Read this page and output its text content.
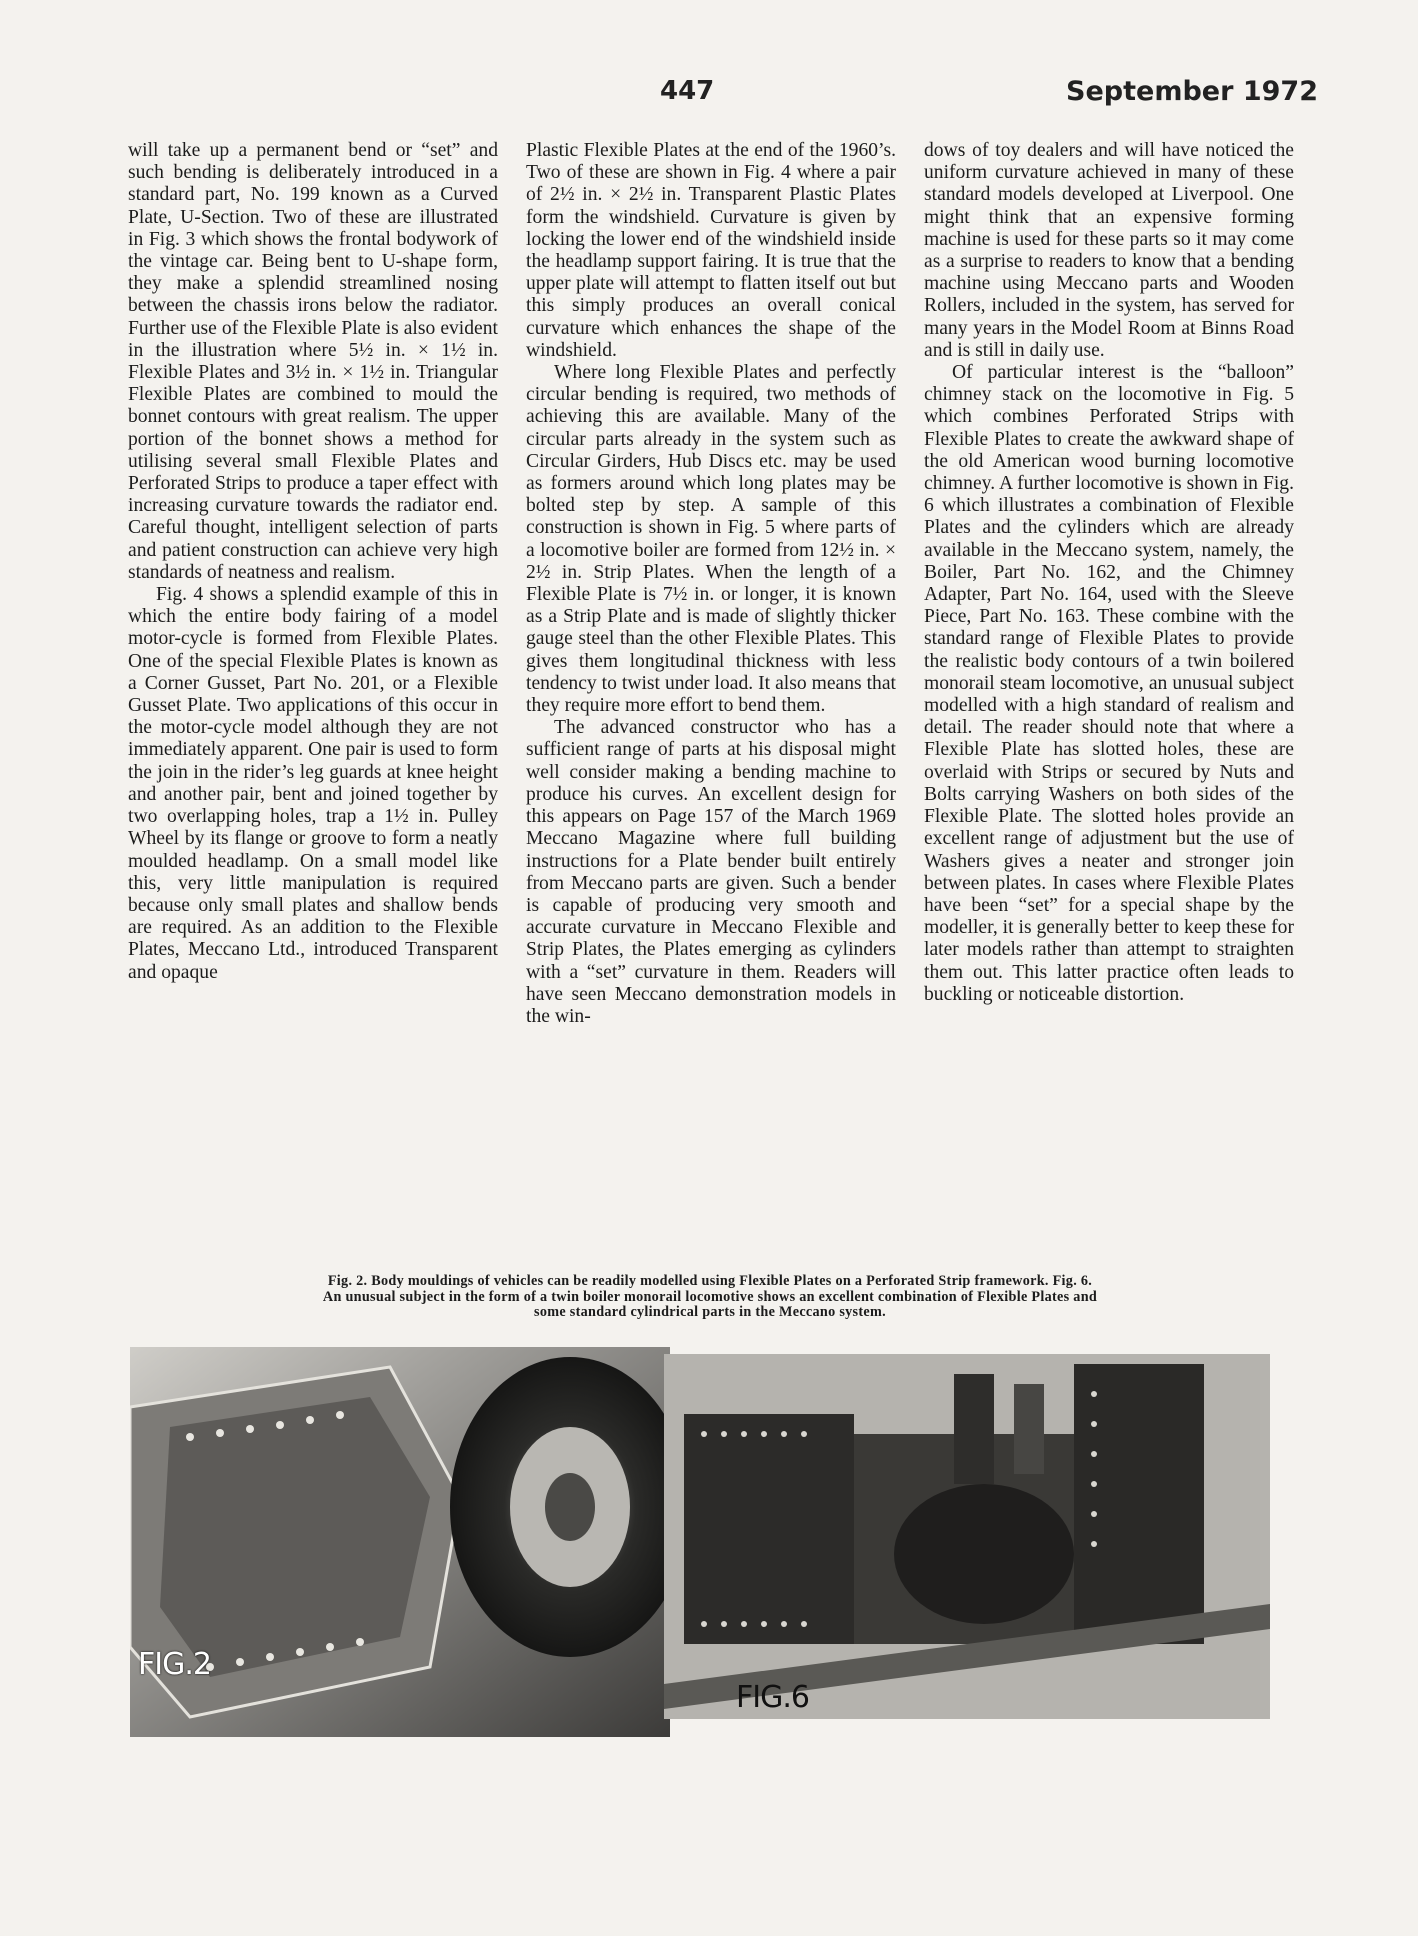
447	September 1972

will take up a permanent bend or “set” and such bending is deliberately introduced in a standard part, No. 199 known as a Curved Plate, U-Section. Two of these are illustrated in Fig. 3 which shows the frontal bodywork of the vintage car. Being bent to U-shape form, they make a splendid streamlined nosing between the chassis irons below the radiator. Further use of the Flexible Plate is also evident in the illustration where 5½ in. × 1½ in. Flexible Plates and 3½ in. × 1½ in. Triangular Flexible Plates are combined to mould the bonnet contours with great realism. The upper portion of the bonnet shows a method for utilising several small Flexible Plates and Perforated Strips to produce a taper effect with increasing curvature towards the radiator end. Careful thought, intelligent selection of parts and patient construction can achieve very high standards of neatness and realism.

Fig. 4 shows a splendid example of this in which the entire body fairing of a model motor-cycle is formed from Flexible Plates. One of the special Flexible Plates is known as a Corner Gusset, Part No. 201, or a Flexible Gusset Plate. Two applications of this occur in the motor-cycle model although they are not immediately apparent. One pair is used to form the join in the rider’s leg guards at knee height and another pair, bent and joined together by two overlapping holes, trap a 1½ in. Pulley Wheel by its flange or groove to form a neatly moulded headlamp. On a small model like this, very little manipulation is required because only small plates and shallow bends are required. As an addition to the Flexible Plates, Meccano Ltd., introduced Transparent and opaque

Plastic Flexible Plates at the end of the 1960’s. Two of these are shown in Fig. 4 where a pair of 2½ in. × 2½ in. Transparent Plastic Plates form the windshield. Curvature is given by locking the lower end of the windshield inside the headlamp support fairing. It is true that the upper plate will attempt to flatten itself out but this simply produces an overall conical curvature which enhances the shape of the windshield.

Where long Flexible Plates and perfectly circular bending is required, two methods of achieving this are available. Many of the circular parts already in the system such as Circular Girders, Hub Discs etc. may be used as formers around which long plates may be bolted step by step. A sample of this construction is shown in Fig. 5 where parts of a locomotive boiler are formed from 12½ in. × 2½ in. Strip Plates. When the length of a Flexible Plate is 7½ in. or longer, it is known as a Strip Plate and is made of slightly thicker gauge steel than the other Flexible Plates. This gives them longitudinal thickness with less tendency to twist under load. It also means that they require more effort to bend them.

The advanced constructor who has a sufficient range of parts at his disposal might well consider making a bending machine to produce his curves. An excellent design for this appears on Page 157 of the March 1969 Meccano Magazine where full building instructions for a Plate bender built entirely from Meccano parts are given. Such a bender is capable of producing very smooth and accurate curvature in Meccano Flexible and Strip Plates, the Plates emerging as cylinders with a “set” curvature in them. Readers will have seen Meccano demonstration models in the win-

dows of toy dealers and will have noticed the uniform curvature achieved in many of these standard models developed at Liverpool. One might think that an expensive forming machine is used for these parts so it may come as a surprise to readers to know that a bending machine using Meccano parts and Wooden Rollers, included in the system, has served for many years in the Model Room at Binns Road and is still in daily use.

Of particular interest is the “balloon” chimney stack on the locomotive in Fig. 5 which combines Perforated Strips with Flexible Plates to create the awkward shape of the old American wood burning locomotive chimney. A further locomotive is shown in Fig. 6 which illustrates a combination of Flexible Plates and the cylinders which are already available in the Meccano system, namely, the Boiler, Part No. 162, and the Chimney Adapter, Part No. 164, used with the Sleeve Piece, Part No. 163. These combine with the standard range of Flexible Plates to provide the realistic body contours of a twin boilered monorail steam locomotive, an unusual subject modelled with a high standard of realism and detail. The reader should note that where a Flexible Plate has slotted holes, these are overlaid with Strips or secured by Nuts and Bolts carrying Washers on both sides of the Flexible Plate. The slotted holes provide an excellent range of adjustment but the use of Washers gives a neater and stronger join between plates. In cases where Flexible Plates have been “set” for a special shape by the modeller, it is generally better to keep these for later models rather than attempt to straighten them out. This latter practice often leads to buckling or noticeable distortion.

Fig. 2. Body mouldings of vehicles can be readily modelled using Flexible Plates on a Perforated Strip framework. Fig. 6. An unusual subject in the form of a twin boiler monorail locomotive shows an excellent combination of Flexible Plates and some standard cylindrical parts in the Meccano system.
FIG.2
FIG.6
